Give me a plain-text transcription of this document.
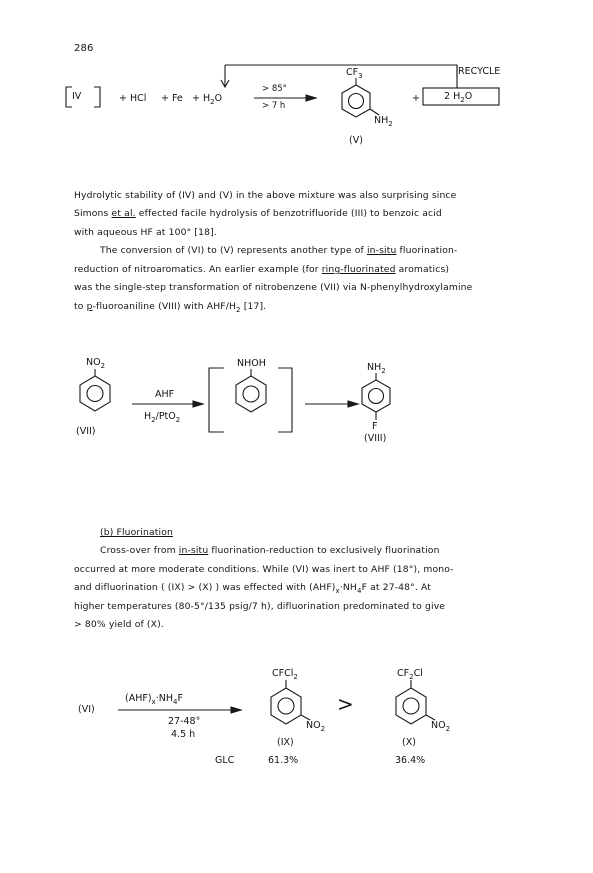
286
IV	+ HCl + $Fe + H_2O$
> 85°
> 7 h
$CF_3$
$NH_2$
(V)
+	2 $H_2O$
RECYCLE
Hydrolytic stability of (IV) and (V) in the above mixture was also surprising since
Simons et al. effected facile hydrolysis of benzotrifluoride (III) to benzoic acid
with aqueous HF at 100° [18].
The conversion of (VI) to (V) represents another type of in-situ fluorination-
reduction of nitroaromatics. An earlier example (for ring-fluorinated aromatics)
was the single-step transformation of nitrobenzene (VII) via N-phenylhydroxylamine
to p-fluoroaniline (VIII) with AHF/$H_2$ [17].
$NO_2$
(VII)
AHF
$H_2/PtO_2$
NHOH	$NH_2$
F
(VIII)
(b) Fluorination
Cross-over from in-situ fluorination-reduction to exclusively fluorination
occurred at more moderate conditions. While (VI) was inert to AHF (18°), mono-
and difluorination ( (IX) > (X) ) was effected with $(AHF)_x\cdot NH_4F$ at 27-48°. At
higher temperatures (80-5°/135 psig/7 h), difluorination predominated to give
> 80% yield of (X).
(VI)
$(AHF)_x\cdot NH_4F$
27-48°
4.5 h
CFCl$_2$
$NO_2$
(IX)
>
$CF_2Cl$
$NO_2$
(X)
GLC	61.3%	36.4%
